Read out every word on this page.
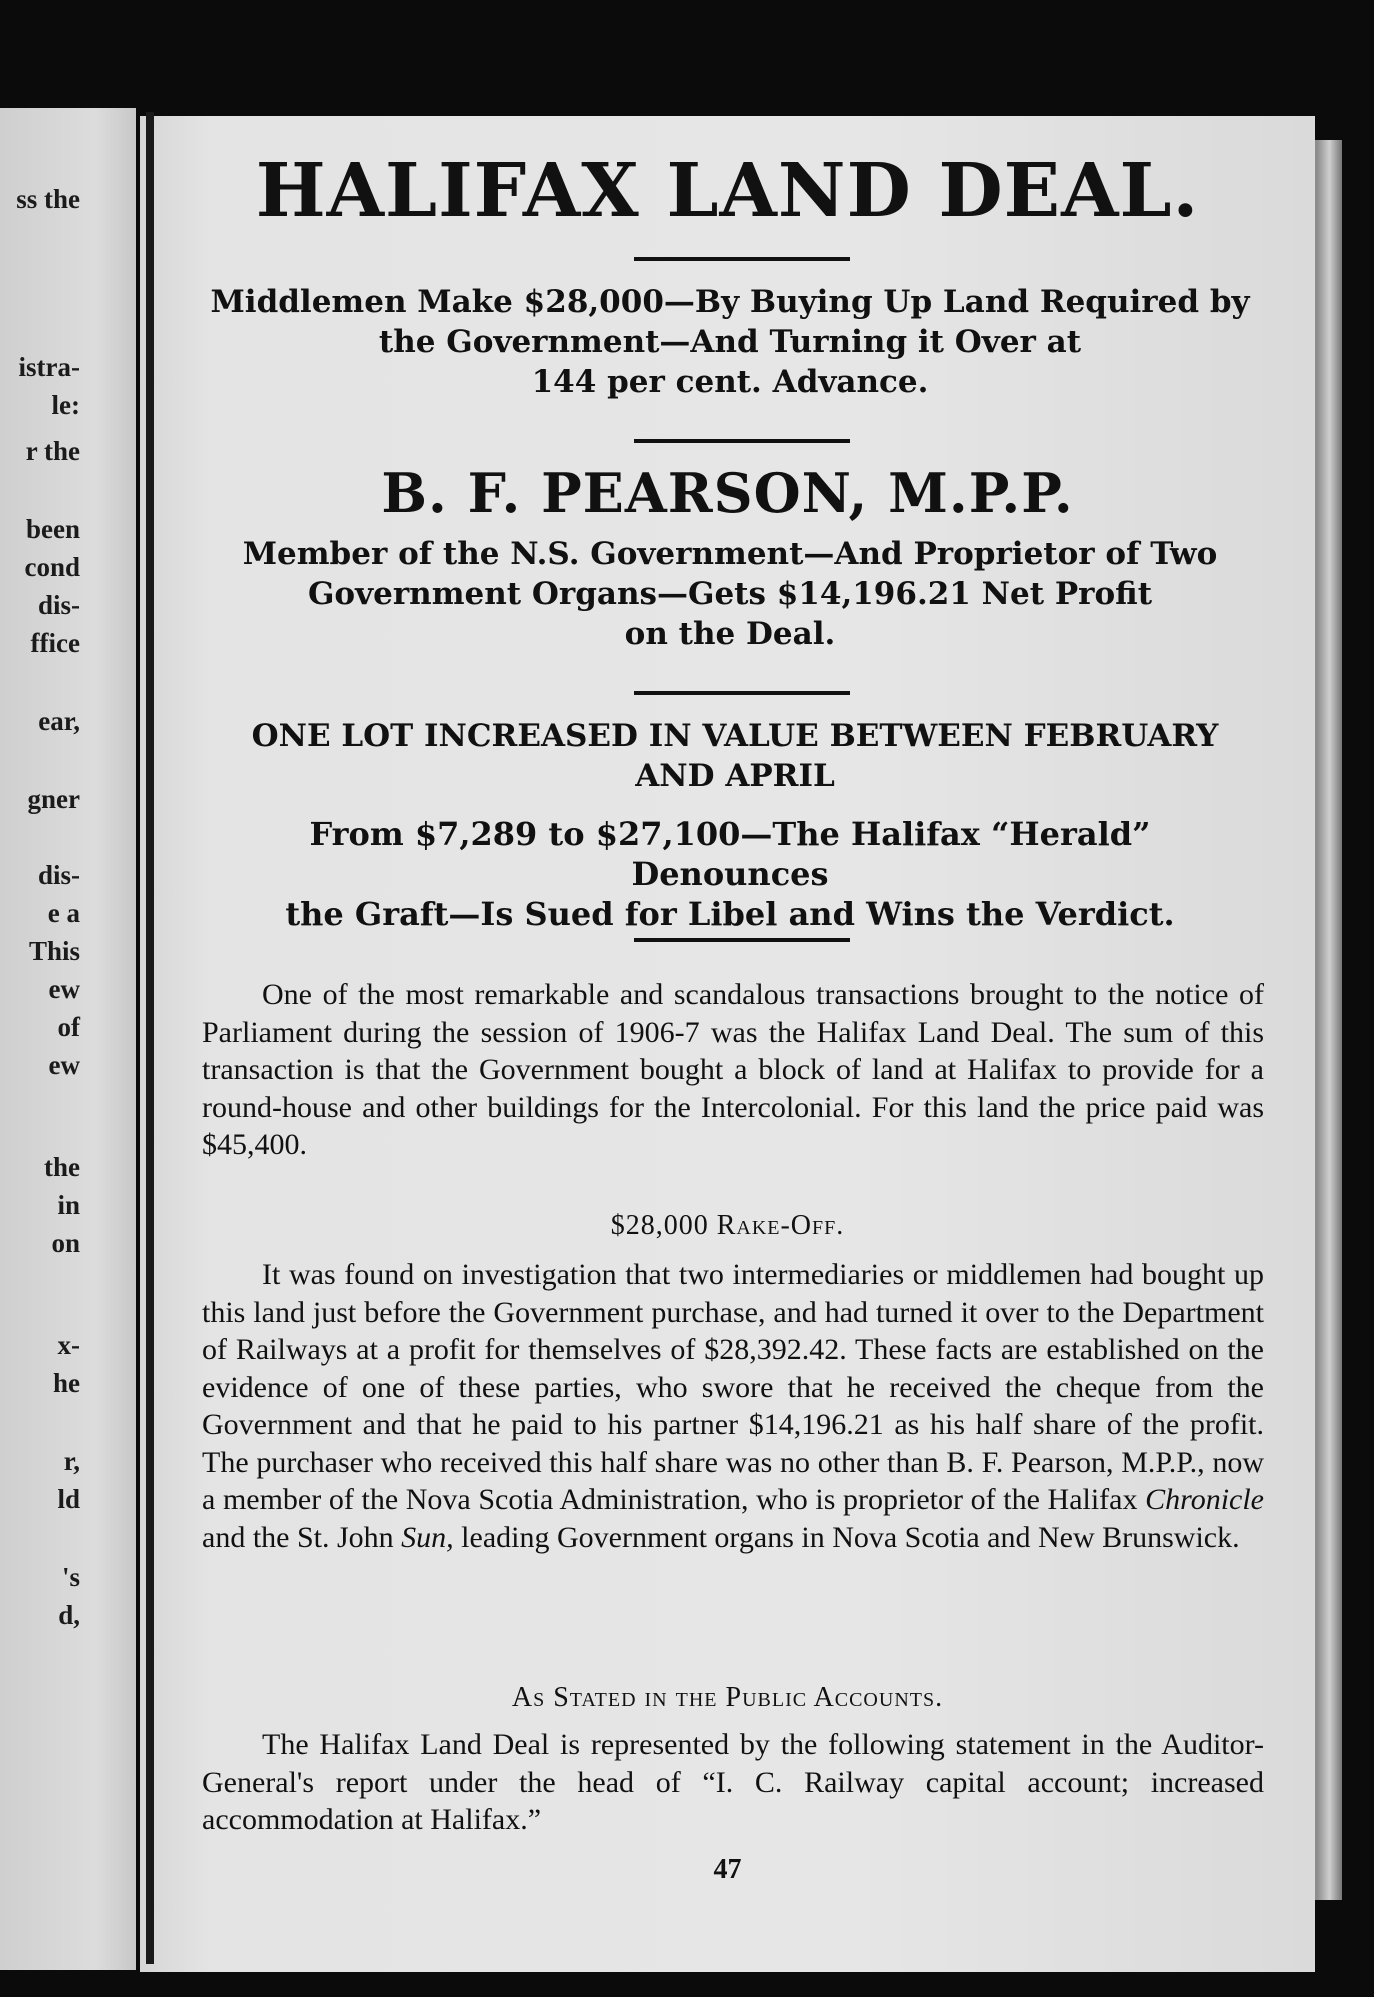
ss the
istra-
le:
r the
been
cond
dis-
ffice
ear,
gner
dis-
e a
This
ew
of
ew
the
in
on
x-
he
r,
ld
's
d,
HALIFAX LAND DEAL.
Middlemen Make $28,000—By Buying Up Land Required by
the Government—And Turning it Over at
144 per cent. Advance.
B. F. PEARSON, M.P.P.
Member of the N.S. Government—And Proprietor of Two
Government Organs—Gets $14,196.21 Net Profit
on the Deal.
ONE LOT INCREASED IN VALUE BETWEEN FEBRUARY
AND APRIL
From $7,289 to $27,100—The Halifax “Herald” Denounces
the Graft—Is Sued for Libel and Wins the Verdict.
One of the most remarkable and scandalous transactions brought to the notice of Parliament during the session of 1906-7 was the Halifax Land Deal. The sum of this transaction is that the Government bought a block of land at Halifax to provide for a round-house and other buildings for the Intercolonial. For this land the price paid was $45,400.
$28,000 Rake-Off.
It was found on investigation that two intermediaries or middlemen had bought up this land just before the Government purchase, and had turned it over to the Department of Railways at a profit for themselves of $28,392.42. These facts are established on the evidence of one of these parties, who swore that he received the cheque from the Government and that he paid to his partner $14,196.21 as his half share of the profit. The purchaser who received this half share was no other than B. F. Pearson, M.P.P., now a member of the Nova Scotia Administration, who is proprietor of the Halifax Chronicle and the St. John Sun, leading Government organs in Nova Scotia and New Brunswick.
As Stated in the Public Accounts.
The Halifax Land Deal is represented by the following statement in the Auditor-General's report under the head of “I. C. Railway capital account; increased accommodation at Halifax.”
47
